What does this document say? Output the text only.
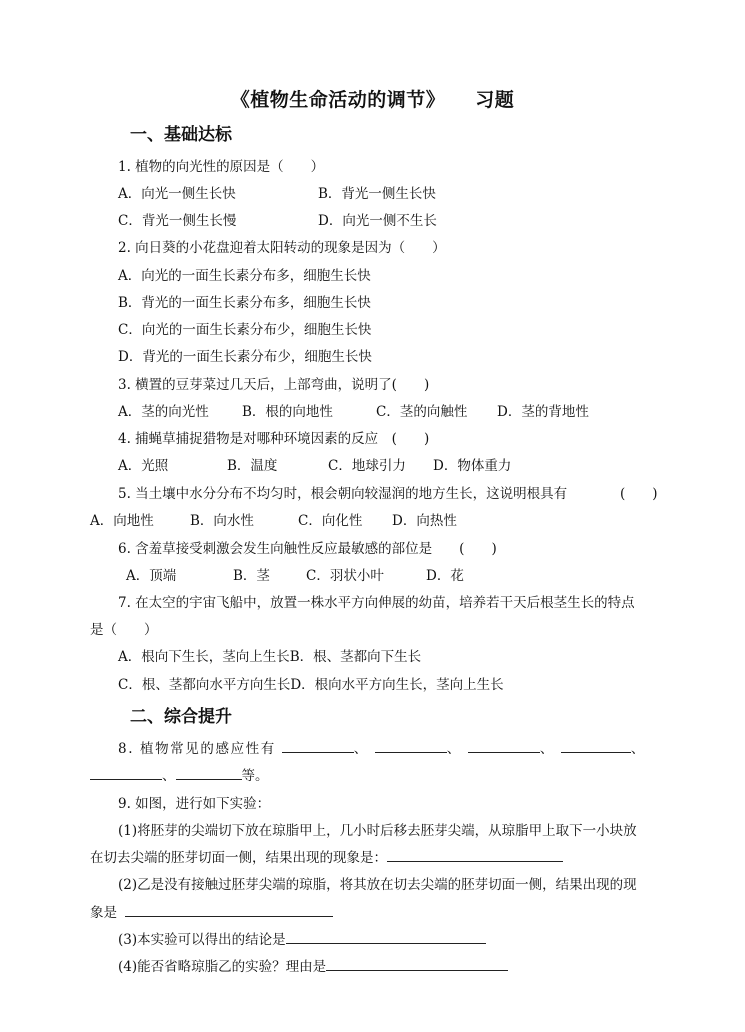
《植物生命活动的调节》 习题
一、基础达标
1. 植物的向光性的原因是（　　）
A．向光一侧生长快	B．背光一侧生长快
C．背光一侧生长慢	D．向光一侧不生长
2. 向日葵的小花盘迎着太阳转动的现象是因为（　　）
A．向光的一面生长素分布多，细胞生长快
B．背光的一面生长素分布多，细胞生长快
C．向光的一面生长素分布少，细胞生长快
D．背光的一面生长素分布少，细胞生长快
3. 横置的豆芽菜过几天后，上部弯曲，说明了(　　)
A．茎的向光性 B．根的向地性	C．茎的向触性 D．茎的背地性
4. 捕蝇草捕捉猎物是对哪种环境因素的反应　(　　)
A．光照	B．温度	C．地球引力 D．物体重力
5. 当土壤中水分分布不均匀时，根会朝向较湿润的地方生长，这说明根具有	(　　)
A．向地性	B．向水性	C．向化性 D．向热性
6. 含羞草接受刺激会发生向触性反应最敏感的部位是　　(　　)
A．顶端	B．茎	C．羽状小叶	D．花
7. 在太空的宇宙飞船中，放置一株水平方向伸展的幼苗，培养若干天后根茎生长的特点
是（　　）
A．根向下生长，茎向上生长B．根、茎都向下生长
C．根、茎都向水平方向生长D．根向水平方向生长，茎向上生长
二、综合提升
8. 植物常见的感应性有	、	、	、	、
、	等。
9. 如图，进行如下实验：
(1)将胚芽的尖端切下放在琼脂甲上，几小时后移去胚芽尖端，从琼脂甲上取下一小块放
在切去尖端的胚芽切面一侧，结果出现的现象是：
(2)乙是没有接触过胚芽尖端的琼脂，将其放在切去尖端的胚芽切面一侧，结果出现的现
象是
(3)本实验可以得出的结论是
(4)能否省略琼脂乙的实验？理由是
